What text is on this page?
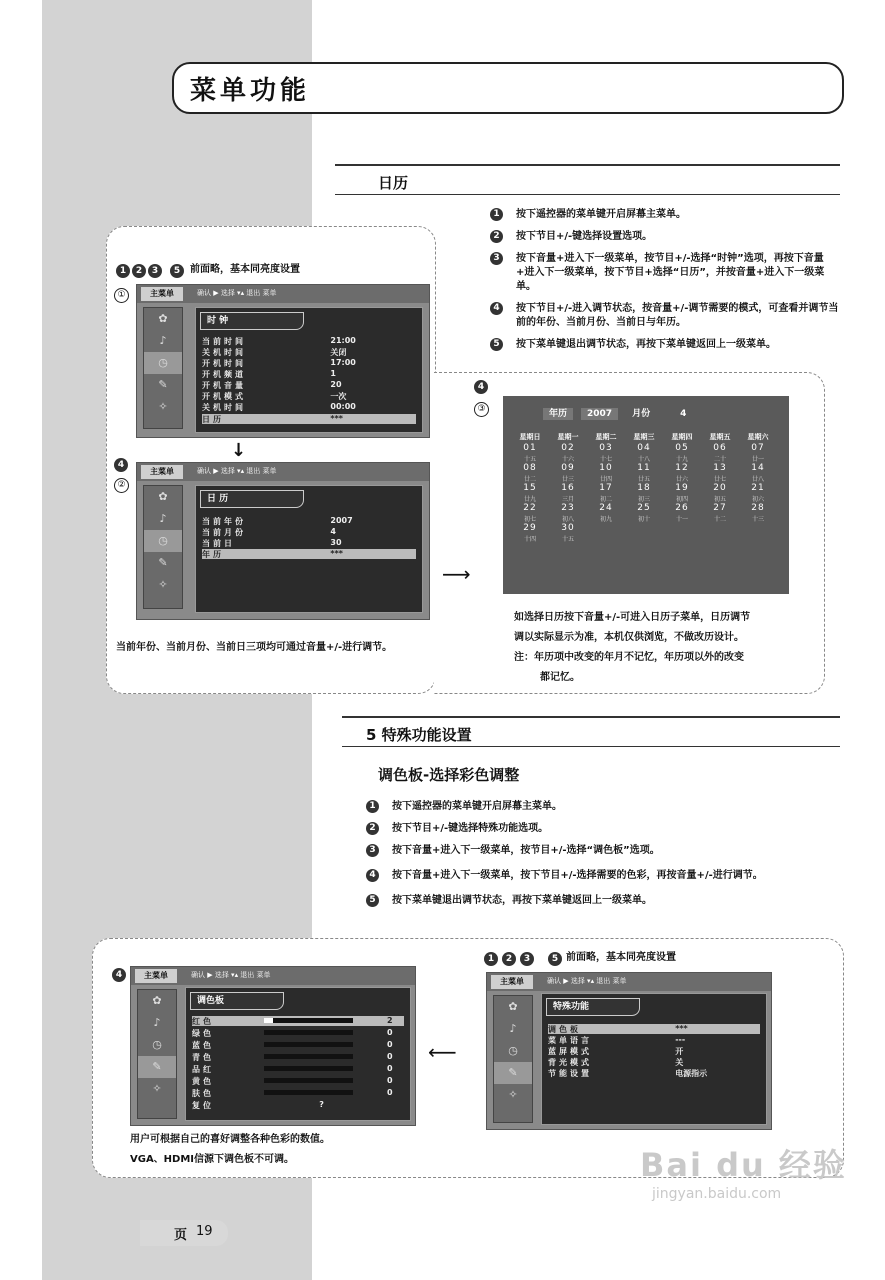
菜单功能
日历
1	按下遥控器的菜单键开启屏幕主菜单。
2	按下节目+/-键选择设置选项。
3	按下音量+进入下一级菜单，按节目+/-选择“时钟”选项，再按下音量+进入下一级菜单，按下节目+选择“日历”，并按音量+进入下一级菜单。
4	按下节目+/-进入调节状态，按音量+/-调节需要的模式，可查看并调节当前的年份、当前月份、当前日与年历。
5	按下菜单键退出调节状态，再按下菜单键返回上一级菜单。
1	2	3	5 前面略，基本同亮度设置
①	主菜单	确认 ▶ 选择 ▾▴ 退出 菜单
✿
♪
◷
✎
✧
时 钟
当前时间	21:00
关机时间	关闭
开机时间	17:00
开机频道	1
开机音量	20
开机模式	一次
关机时间	00:00
日历	***
↓
4
②
主菜单	确认 ▶ 选择 ▾▴ 退出 菜单
✿
♪
◷
✎
✧
日 历
当前年份	2007
当前月份	4
当前日	30
年历	***
⟶
4
③	年历 2007 月份	4
星期日	星期一	星期二	星期三	星期四	星期五	星期六
01	02	03	04	05	06	07
十五	十六	十七	十八	十九	二十	廿一
08	09	10	11	12	13	14
廿二	廿三	廿四	廿五	廿六	廿七	廿八
15	16	17	18	19	20	21
廿九	三月	初二	初三	初四	初五	初六
22	23	24	25	26	27	28
初七	初八	初九	初十	十一	十二	十三
29	30
十四	十五
当前年份、当前月份、当前日三项均可通过音量+/-进行调节。
如选择日历按下音量+/-可进入日历子菜单，日历调节
调以实际显示为准，本机仅供浏览，不做改历设计。
注：年历项中改变的年月不记忆，年历项以外的改变
都记忆。
5 特殊功能设置
调色板-选择彩色调整
1	按下遥控器的菜单键开启屏幕主菜单。
2	按下节目+/-键选择特殊功能选项。
3	按下音量+进入下一级菜单，按节目+/-选择“调色板”选项。
4	按下音量+进入下一级菜单，按下节目+/-选择需要的色彩，再按音量+/-进行调节。
5	按下菜单键退出调节状态，再按下菜单键返回上一级菜单。
4	主菜单	确认 ▶ 选择 ▾▴ 退出 菜单
✿
♪
◷
✎
✧
调色板
红色	2
绿色	0
蓝色	0
青色	0
品红	0
黄色	0
肤色	0
复位	?
⟵
1	2	3	5 前面略，基本同亮度设置
主菜单	确认 ▶ 选择 ▾▴ 退出 菜单
✿
♪
◷
✎
✧
特殊功能
调色板	***
菜单语言	---
蓝屏模式	开
背光模式	关
节能设置	电源指示
用户可根据自己的喜好调整各种色彩的数值。
VGA、HDMI信源下调色板不可调。
页 19
Bai du 经验
jingyan.baidu.com
